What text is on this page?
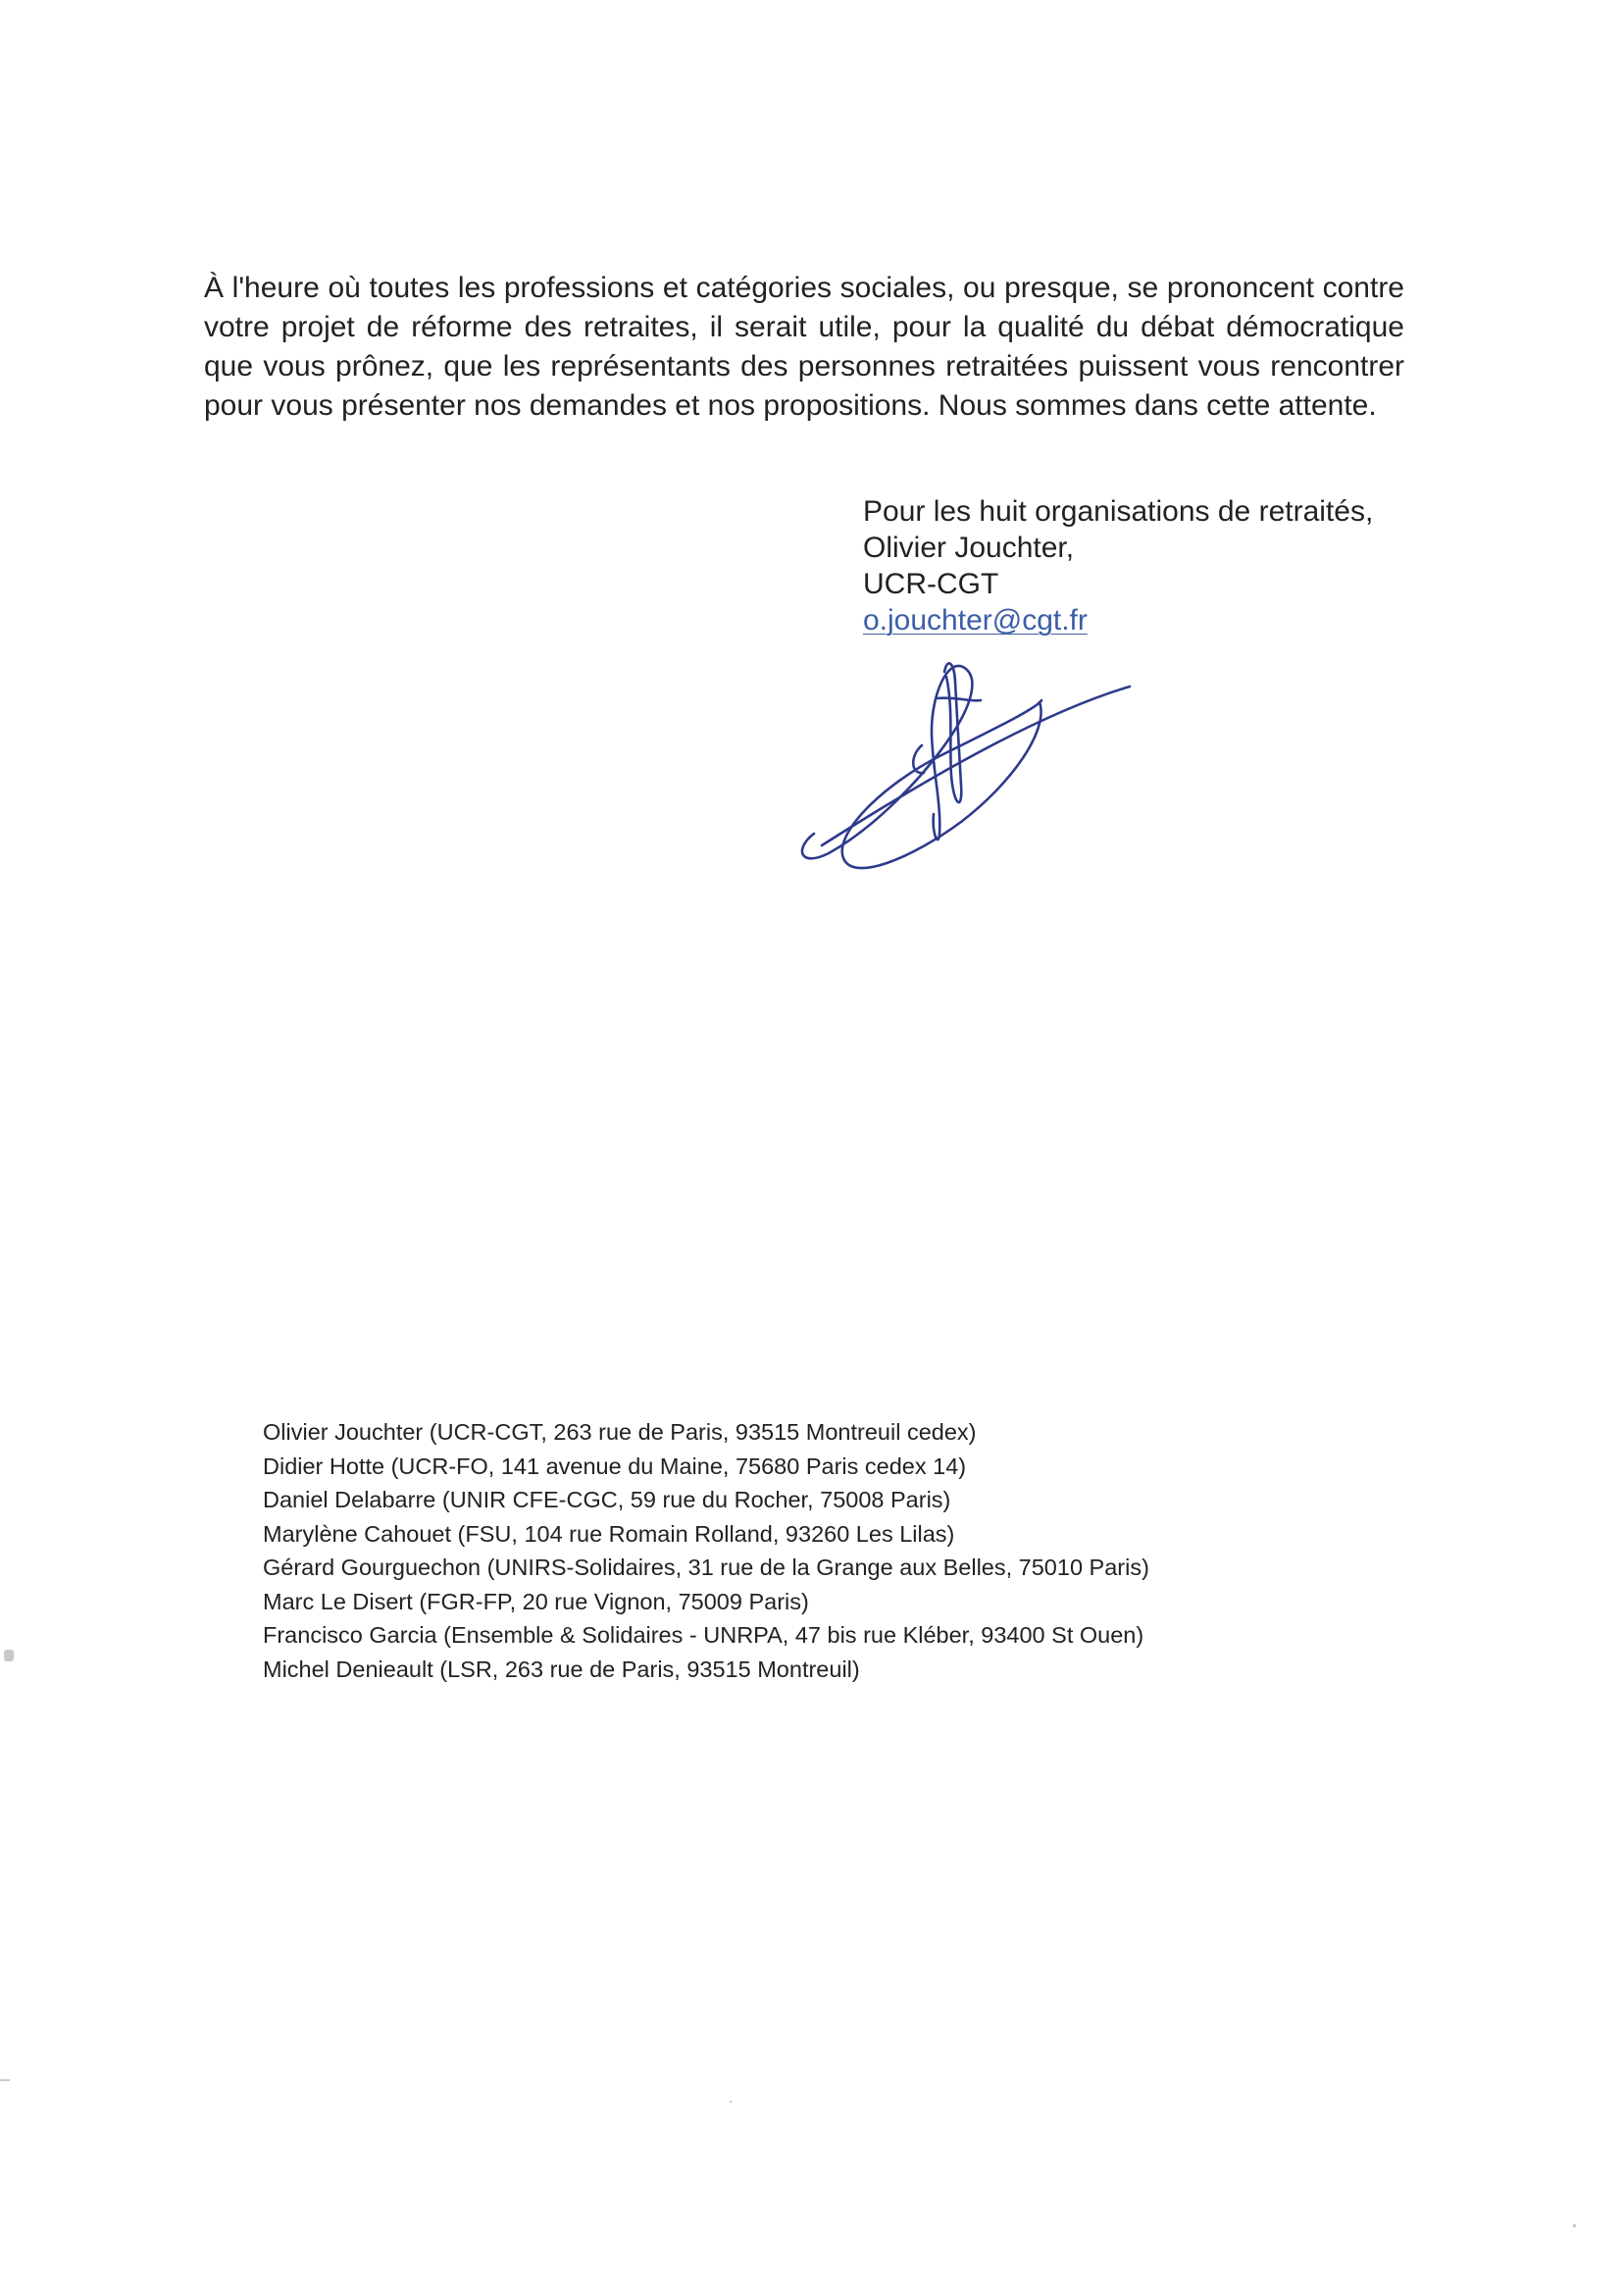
À l'heure où toutes les professions et catégories sociales, ou presque, se prononcent contre votre projet de réforme des retraites, il serait utile, pour la qualité du débat démocratique que vous prônez, que les représentants des personnes retraitées puissent vous rencontrer pour vous présenter nos demandes et nos propositions. Nous sommes dans cette attente.

Pour les huit organisations de retraités,
Olivier Jouchter,
UCR-CGT
o.jouchter@cgt.fr
Olivier Jouchter (UCR-CGT, 263 rue de Paris, 93515 Montreuil cedex)
Didier Hotte (UCR-FO, 141 avenue du Maine, 75680 Paris cedex 14)
Daniel Delabarre (UNIR CFE-CGC, 59 rue du Rocher, 75008 Paris)
Marylène Cahouet (FSU, 104 rue Romain Rolland, 93260 Les Lilas)
Gérard Gourguechon (UNIRS-Solidaires, 31 rue de la Grange aux Belles, 75010 Paris)
Marc Le Disert (FGR-FP, 20 rue Vignon, 75009 Paris)
Francisco Garcia (Ensemble & Solidaires - UNRPA, 47 bis rue Kléber, 93400 St Ouen)
Michel Denieault (LSR, 263 rue de Paris, 93515 Montreuil)
